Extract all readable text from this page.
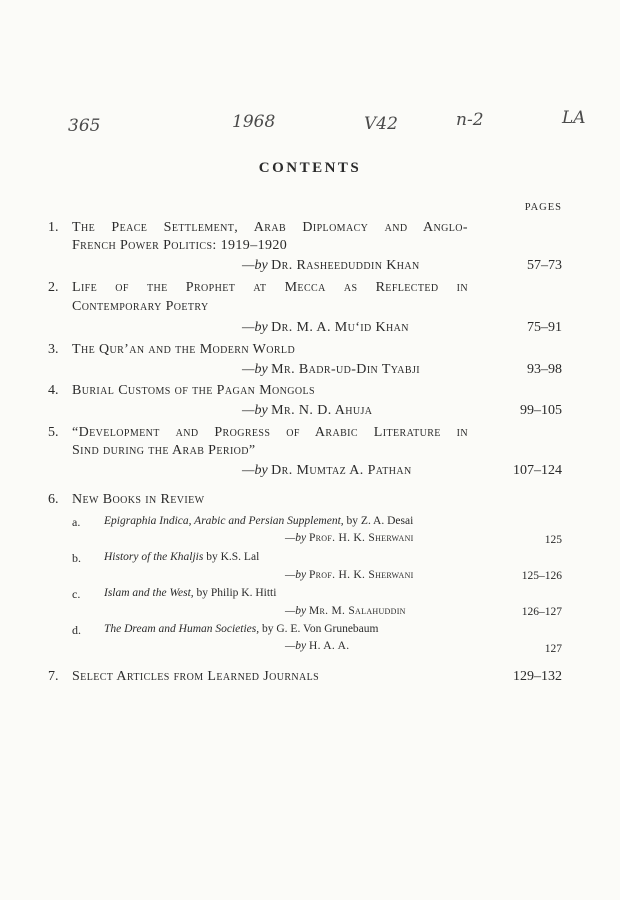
365	1968	V42	n-2	LA
CONTENTS
PAGES
1. The Peace Settlement, Arab Diplomacy and Anglo-
French Power Politics: 1919–1920
—by Dr. Rasheeduddin Khan	57–73
2. Life of the Prophet at Mecca as Reflected in
Contemporary Poetry
—by Dr. M. A. Mu‘id Khan	75–91
3. The Qur’an and the Modern World
—by Mr. Badr-ud-Din Tyabji	93–98
4. Burial Customs of the Pagan Mongols
—by Mr. N. D. Ahuja	99–105
5. “Development and Progress of Arabic Literature in
Sind during the Arab Period”
—by Dr. Mumtaz A. Pathan	107–124
6. New Books in Review
a. Epigraphia Indica, Arabic and Persian Supplement, by Z. A. Desai
—by Prof. H. K. Sherwani	125
b. History of the Khaljis by K.S. Lal
—by Prof. H. K. Sherwani	125–126
c. Islam and the West, by Philip K. Hitti
—by Mr. M. Salahuddin	126–127
d. The Dream and Human Societies, by G. E. Von Grunebaum
—by H. A. A.	127
7. Select Articles from Learned Journals	129–132
